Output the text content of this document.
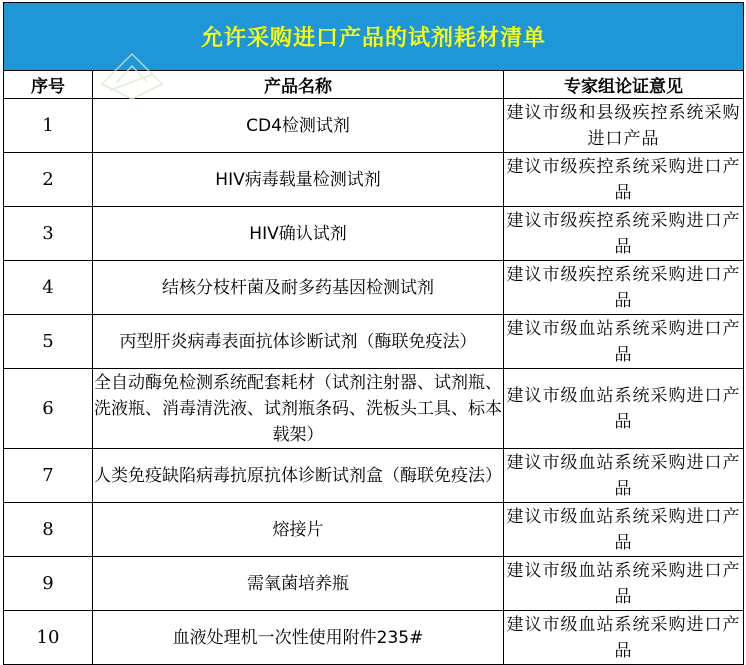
允许采购进口产品的试剂耗材清单		
序号	产品名称	专家组论证意见
1	CD4检测试剂	建议市级和县级疾控系统采购进口产品
2	HIV病毒载量检测试剂	建议市级疾控系统采购进口产品
3	HIV确认试剂	建议市级疾控系统采购进口产品
4	结核分枝杆菌及耐多药基因检测试剂	建议市级疾控系统采购进口产品
5	丙型肝炎病毒表面抗体诊断试剂（酶联免疫法）	建议市级血站系统采购进口产品
6	全自动酶免检测系统配套耗材（试剂注射器、试剂瓶、洗液瓶、消毒清洗液、试剂瓶条码、洗板头工具、标本载架）	建议市级血站系统采购进口产品
7	人类免疫缺陷病毒抗原抗体诊断试剂盒（酶联免疫法）	建议市级血站系统采购进口产品
8	熔接片	建议市级血站系统采购进口产品
9	需氧菌培养瓶	建议市级血站系统采购进口产品
10	血液处理机一次性使用附件235#	建议市级血站系统采购进口产品
